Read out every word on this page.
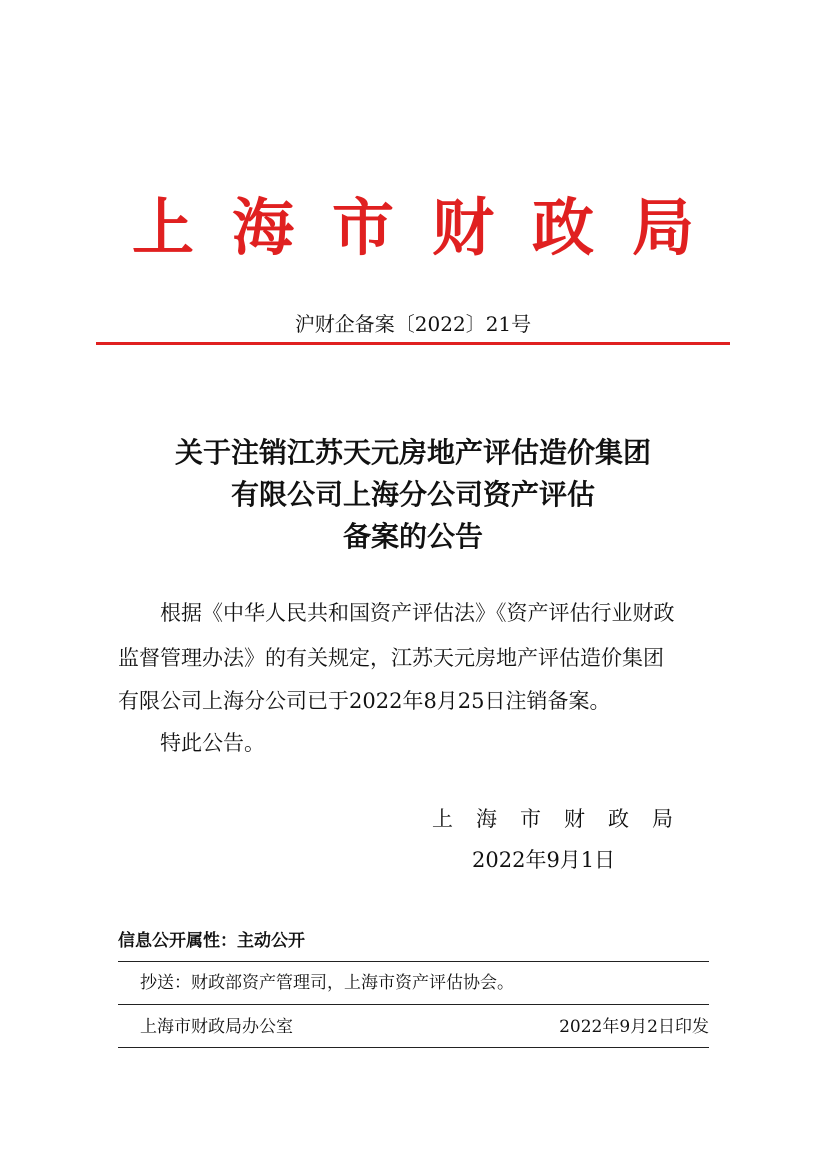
上海市财政局
沪财企备案〔2022〕21号
关于注销江苏天元房地产评估造价集团
有限公司上海分公司资产评估
备案的公告
根据《中华人民共和国资产评估法》《资产评估行业财政
监督管理办法》的有关规定，江苏天元房地产评估造价集团
有限公司上海分公司已于2022年8月25日注销备案。
特此公告。
上海市财政局
2022年9月1日
信息公开属性：主动公开
抄送：财政部资产管理司，上海市资产评估协会。
上海市财政局办公室	2022年9月2日印发
